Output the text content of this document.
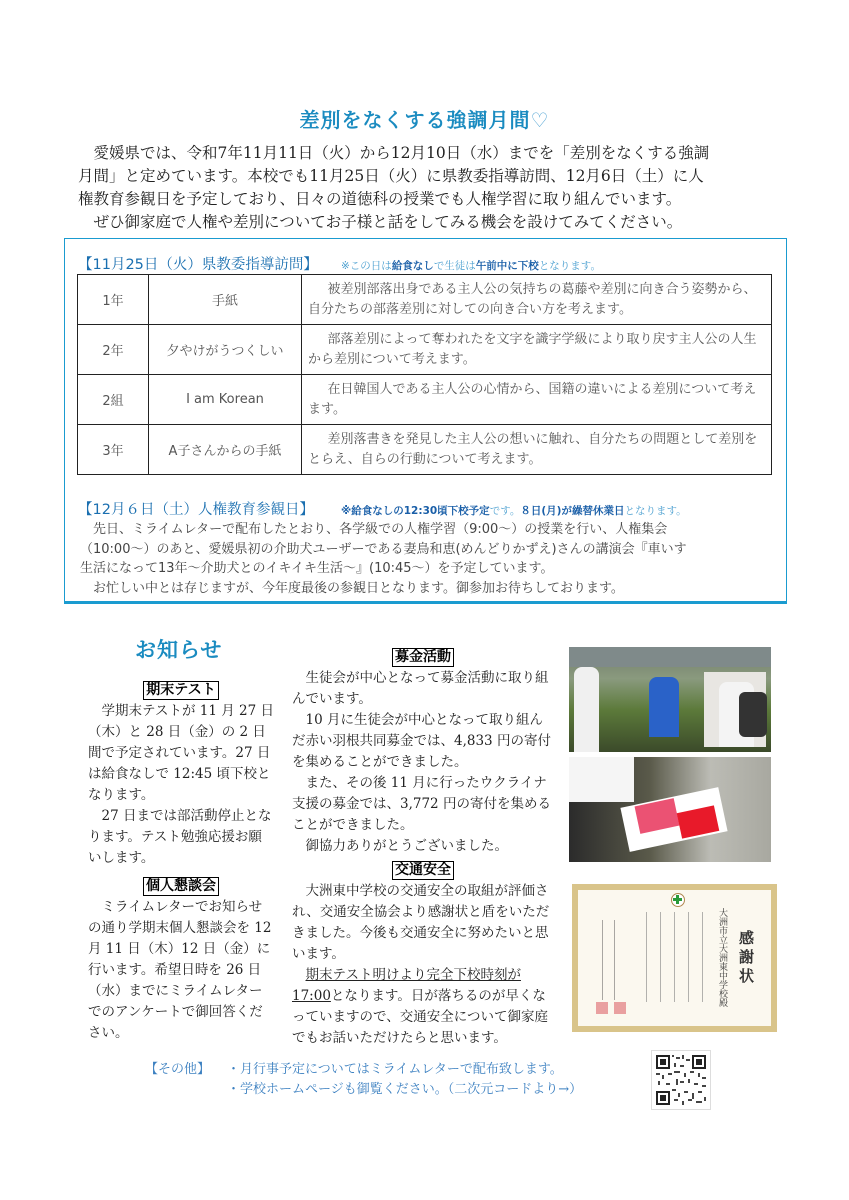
差別をなくする強調月間♡

愛媛県では、令和7年11月11日（火）から12月10日（水）までを「差別をなくする強調

月間」と定めています。本校でも11月25日（火）に県教委指導訪問、12月6日（土）に人

権教育参観日を予定しており、日々の道徳科の授業でも人権学習に取り組んでいます。

ぜひ御家庭で人権や差別についてお子様と話をしてみる機会を設けてみてください。

【11月25日（火）県教委指導訪問】 ※この日は給食なしで生徒は午前中に下校となります。
1年	手紙	被差別部落出身である主人公の気持ちの葛藤や差別に向き合う姿勢から、自分たちの部落差別に対しての向き合い方を考えます。
2年	夕やけがうつくしい	部落差別によって奪われたを文字を識字学級により取り戻す主人公の人生から差別について考えます。
2組	I am Korean	在日韓国人である主人公の心情から、国籍の違いによる差別について考えます。
3年	A子さんからの手紙	差別落書きを発見した主人公の想いに触れ、自分たちの問題として差別をとらえ、自らの行動について考えます。
【12月６日（土）人権教育参観日】	※給食なしの12:30頃下校予定です。８日(月)が繰替休業日となります。

先日、ミライムレターで配布したとおり、各学級での人権学習（9:00～）の授業を行い、人権集会

（10:00～）のあと、愛媛県初の介助犬ユーザーである妻鳥和恵(めんどりかずえ)さんの講演会『車いす

生活になって13年～介助犬とのイキイキ生活～』(10:45～）を予定しています。

お忙しい中とは存じますが、今年度最後の参観日となります。御参加お待ちしております。

お知らせ
期末テスト

学期末テストが 11 月 27 日（木）と 28 日（金）の 2 日間で予定されています。27 日は給食なしで 12:45 頃下校となります。

27 日までは部活動停止となります。テスト勉強応援お願いします。

個人懇談会

ミライムレターでお知らせの通り学期末個人懇談会を 12 月 11 日（木）12 日（金）に行います。希望日時を 26 日（水）までにミライムレターでのアンケートで御回答ください。

募金活動

生徒会が中心となって募金活動に取り組んでいます。

10 月に生徒会が中心となって取り組んだ赤い羽根共同募金では、4,833 円の寄付を集めることができました。

また、その後 11 月に行ったウクライナ支援の募金では、3,772 円の寄付を集めることができました。

御協力ありがとうございました。

交通安全

大洲東中学校の交通安全の取組が評価され、交通安全協会より感謝状と盾をいただきました。今後も交通安全に努めたいと思います。

期末テスト明けより完全下校時刻が17:00となります。日が落ちるのが早くなっていますので、交通安全について御家庭でもお話いただけたらと思います。

感謝状
大洲市立大洲東中学校殿
【その他】 ・月行事予定についてはミライムレターで配布致します。
・学校ホームページも御覧ください。（二次元コードより→）
